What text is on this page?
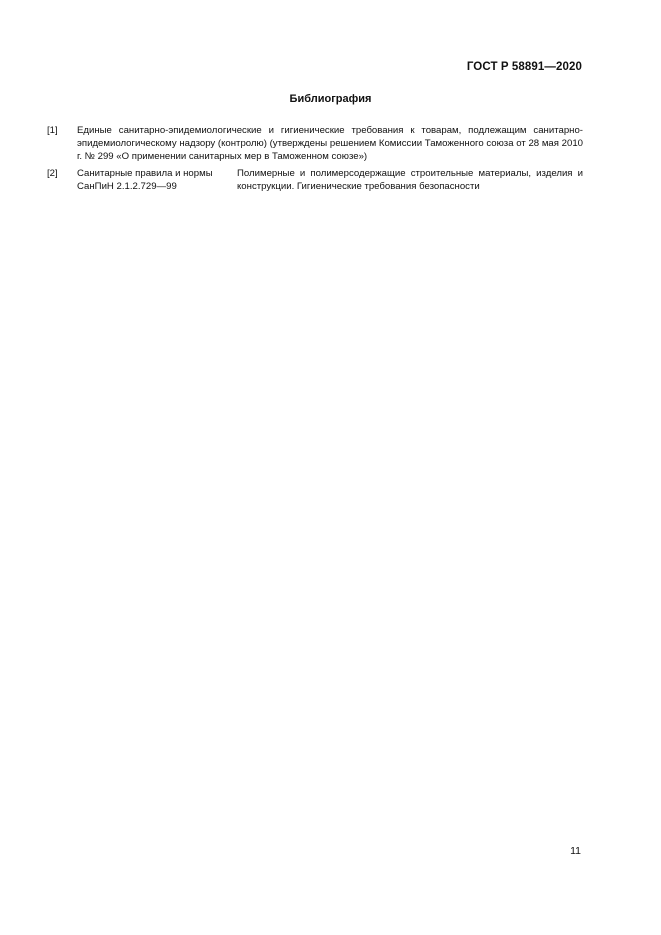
ГОСТ Р 58891—2020
Библиография
[1]	Единые санитарно-эпидемиологические и гигиенические требования к товарам, подлежащим санитарно-эпидемиологическому надзору (контролю) (утверждены решением Комиссии Таможенного союза от 28 мая 2010 г. № 299 «О применении санитарных мер в Таможенном союзе»)
[2]	Санитарные правила и нормы СанПиН 2.1.2.729—99
Полимерные и полимерсодержащие строительные материалы, изделия и конструкции. Гигиенические требования безопасности
11
